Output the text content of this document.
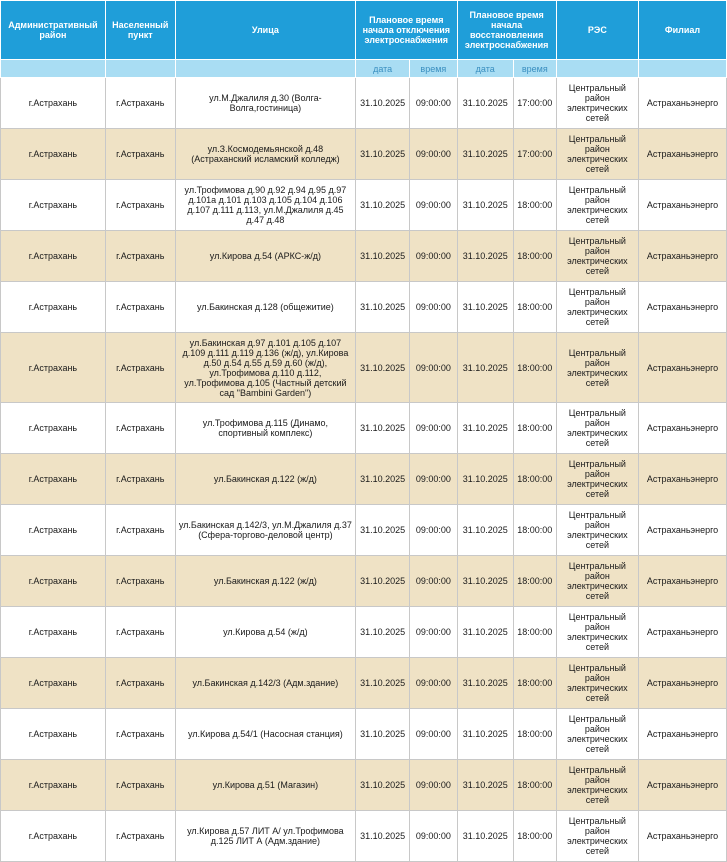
Административный район	Населенный пункт	Улица	Плановое время начала отключения электроснабжения		Плановое время начала восстановления электроснабжения		РЭС	Филиал
			дата	время	дата	время		
г.Астрахань	г.Астрахань	ул.М.Джалиля д.30 (Волга-Волга,гостиница)	31.10.2025	09:00:00	31.10.2025	17:00:00	Центральный район электрических сетей	Астраханьэнерго
г.Астрахань	г.Астрахань	ул.З.Космодемьянской д.48 (Астраханский исламский колледж)	31.10.2025	09:00:00	31.10.2025	17:00:00	Центральный район электрических сетей	Астраханьэнерго
г.Астрахань	г.Астрахань	ул.Трофимова д.90 д.92 д.94 д.95 д.97 д.101а д.101 д.103 д.105 д.104 д.106 д.107 д.111 д.113, ул.М.Джалиля д.45 д.47 д.48	31.10.2025	09:00:00	31.10.2025	18:00:00	Центральный район электрических сетей	Астраханьэнерго
г.Астрахань	г.Астрахань	ул.Кирова д.54 (АРКС-ж/д)	31.10.2025	09:00:00	31.10.2025	18:00:00	Центральный район электрических сетей	Астраханьэнерго
г.Астрахань	г.Астрахань	ул.Бакинская д.128 (общежитие)	31.10.2025	09:00:00	31.10.2025	18:00:00	Центральный район электрических сетей	Астраханьэнерго
г.Астрахань	г.Астрахань	ул.Бакинская д.97 д.101 д.105 д.107 д.109 д.111 д.119 д.136 (ж/д), ул.Кирова д.50 д.54 д.55 д.59 д.60 (ж/д), ул.Трофимова д.110 д.112, ул.Трофимова д.105 (Частный детский сад "Bambini Garden")	31.10.2025	09:00:00	31.10.2025	18:00:00	Центральный район электрических сетей	Астраханьэнерго
г.Астрахань	г.Астрахань	ул.Трофимова д.115 (Динамо, спортивный комплекс)	31.10.2025	09:00:00	31.10.2025	18:00:00	Центральный район электрических сетей	Астраханьэнерго
г.Астрахань	г.Астрахань	ул.Бакинская д.122 (ж/д)	31.10.2025	09:00:00	31.10.2025	18:00:00	Центральный район электрических сетей	Астраханьэнерго
г.Астрахань	г.Астрахань	ул.Бакинская д.142/3, ул.М.Джалиля д.37 (Сфера-торгово-деловой центр)	31.10.2025	09:00:00	31.10.2025	18:00:00	Центральный район электрических сетей	Астраханьэнерго
г.Астрахань	г.Астрахань	ул.Бакинская д.122 (ж/д)	31.10.2025	09:00:00	31.10.2025	18:00:00	Центральный район электрических сетей	Астраханьэнерго
г.Астрахань	г.Астрахань	ул.Кирова д.54 (ж/д)	31.10.2025	09:00:00	31.10.2025	18:00:00	Центральный район электрических сетей	Астраханьэнерго
г.Астрахань	г.Астрахань	ул.Бакинская д.142/3 (Адм.здание)	31.10.2025	09:00:00	31.10.2025	18:00:00	Центральный район электрических сетей	Астраханьэнерго
г.Астрахань	г.Астрахань	ул.Кирова д.54/1 (Насосная станция)	31.10.2025	09:00:00	31.10.2025	18:00:00	Центральный район электрических сетей	Астраханьэнерго
г.Астрахань	г.Астрахань	ул.Кирова д.51 (Магазин)	31.10.2025	09:00:00	31.10.2025	18:00:00	Центральный район электрических сетей	Астраханьэнерго
г.Астрахань	г.Астрахань	ул.Кирова д.57 ЛИТ А/ ул.Трофимова д.125 ЛИТ А (Адм.здание)	31.10.2025	09:00:00	31.10.2025	18:00:00	Центральный район электрических сетей	Астраханьэнерго
